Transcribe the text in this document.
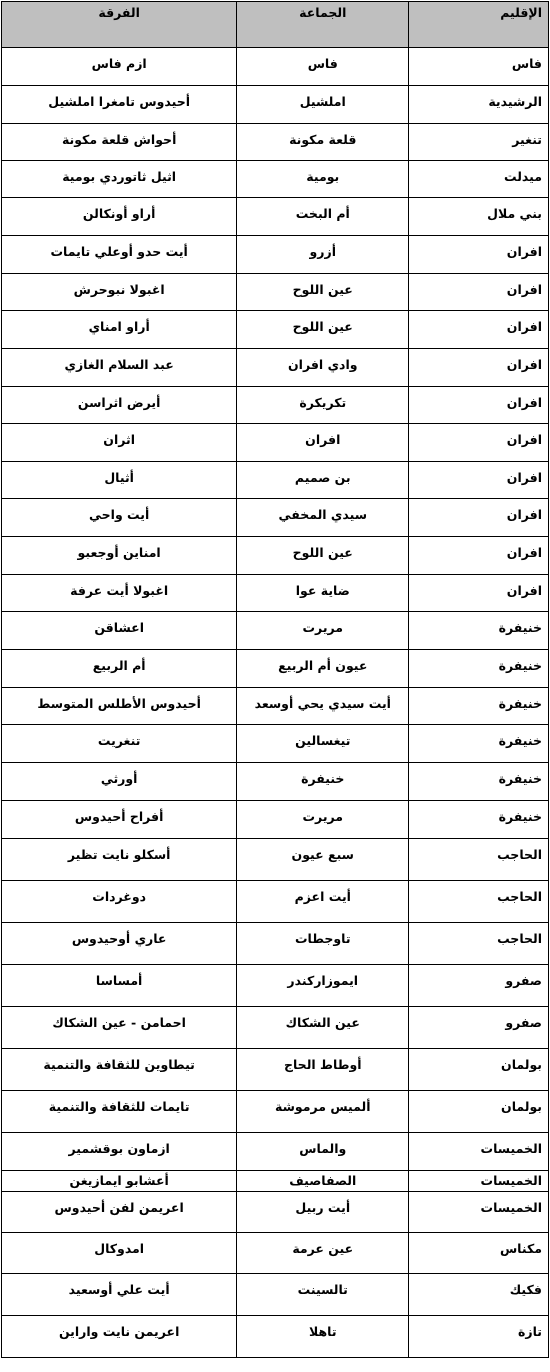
الإقليم	الجماعة	الفرقة
فاس	فاس	ازم فاس
الرشيدية	املشيل	أحيدوس تامغرا املشيل
تنغير	قلعة مكونة	أحواش قلعة مكونة
ميدلت	بومية	اثيل ثاتوردي بومية
بني ملال	أم البخت	أراو أونكالن
افران	أزرو	أيت حدو أوعلي تايمات
افران	عين اللوح	اغبولا نبوحرش
افران	عين اللوح	أراو امناي
افران	وادي افران	عبد السلام الغازي
افران	تكريكرة	أيرض اثراسن
افران	افران	اثران
افران	بن صميم	أثيال
افران	سيدي المخفي	أيت واحي
افران	عين اللوح	امناين أوجعبو
افران	ضاية عوا	اغبولا أيت عرفة
خنيفرة	مريرت	اعشاقن
خنيفرة	عيون أم الربيع	أم الربيع
خنيفرة	أيت سيدي يحي أوسعد	أحيدوس الأطلس المتوسط
خنيفرة	تيغسالين	تنغريت
خنيفرة	خنيفرة	أورثي
خنيفرة	مريرت	أفراح أحيدوس
الحاجب	سبع عيون	أسكلو نايت تظير
الحاجب	أيت اعزم	دوغردات
الحاجب	تاوجطات	عاري أوحيدوس
صفرو	ايموزاركندر	أمساسا
صفرو	عين الشكاك	احمامن - عين الشكاك
بولمان	أوطاط الحاج	تيطاوين للثقافة والتنمية
بولمان	ألميس مرموشة	تايمات للثقافة والتنمية
الخميسات	والماس	ازماون بوقشمير
الخميسات	الصفاصيف	أعشابو ايمازيغن
الخميسات	أيت ربيل	اعريمن لفن أحيدوس
مكناس	عين عرمة	امدوكال
فكيك	تالسينت	أيت علي أوسعيد
تازة	تاهلا	اعريمن نايت واراين
